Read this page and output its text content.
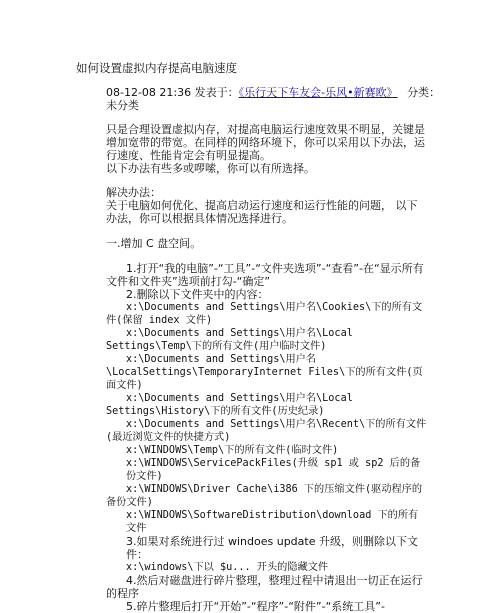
如何设置虚拟内存提高电脑速度
08-12-08 21:36 发表于：《乐行天下车友会-乐风•新赛欧》 分类：
未分类

只是合理设置虚拟内存，对提高电脑运行速度效果不明显，关键是增加宽带的带宽。在同样的网络环境下，你可以采用以下办法，运行速度、性能肯定会有明显提高。

以下办法有些多或啰嗦，你可以有所选择。

解决办法：
关于电脑如何优化、提高启动运行速度和运行性能的问题， 以下办法，你可以根据具体情况选择进行。
一.增加 C 盘空间。

1.打开“我的电脑”-“工具”-“文件夹选项”-“查看”-在“显示所有文件和文件夹”选项前打勾-“确定”

2.删除以下文件夹中的内容：

x:\Documents and Settings\用户名\Cookies\下的所有文件(保留 index 文件)

x:\Documents and Settings\用户名\Local Settings\Temp\下的所有文件(用户临时文件)

x:\Documents and Settings\用户名\LocalSettings\TemporaryInternet Files\下的所有文件(页面文件)

x:\Documents and Settings\用户名\Local Settings\History\下的所有文件(历史纪录)

x:\Documents and Settings\用户名\Recent\下的所有文件(最近浏览文件的快捷方式)

x:\WINDOWS\Temp\下的所有文件(临时文件)

x:\WINDOWS\ServicePackFiles(升级 sp1 或 sp2 后的备份文件)

x:\WINDOWS\Driver Cache\i386 下的压缩文件(驱动程序的备份文件)

x:\WINDOWS\SoftwareDistribution\download 下的所有文件

3.如果对系统进行过 windoes update 升级，则删除以下文件：

x:\windows\下以 $u... 开头的隐藏文件

4.然后对磁盘进行碎片整理，整理过程中请退出一切正在运行的程序

5.碎片整理后打开“开始”-“程序”-“附件”-“系统工具”-
